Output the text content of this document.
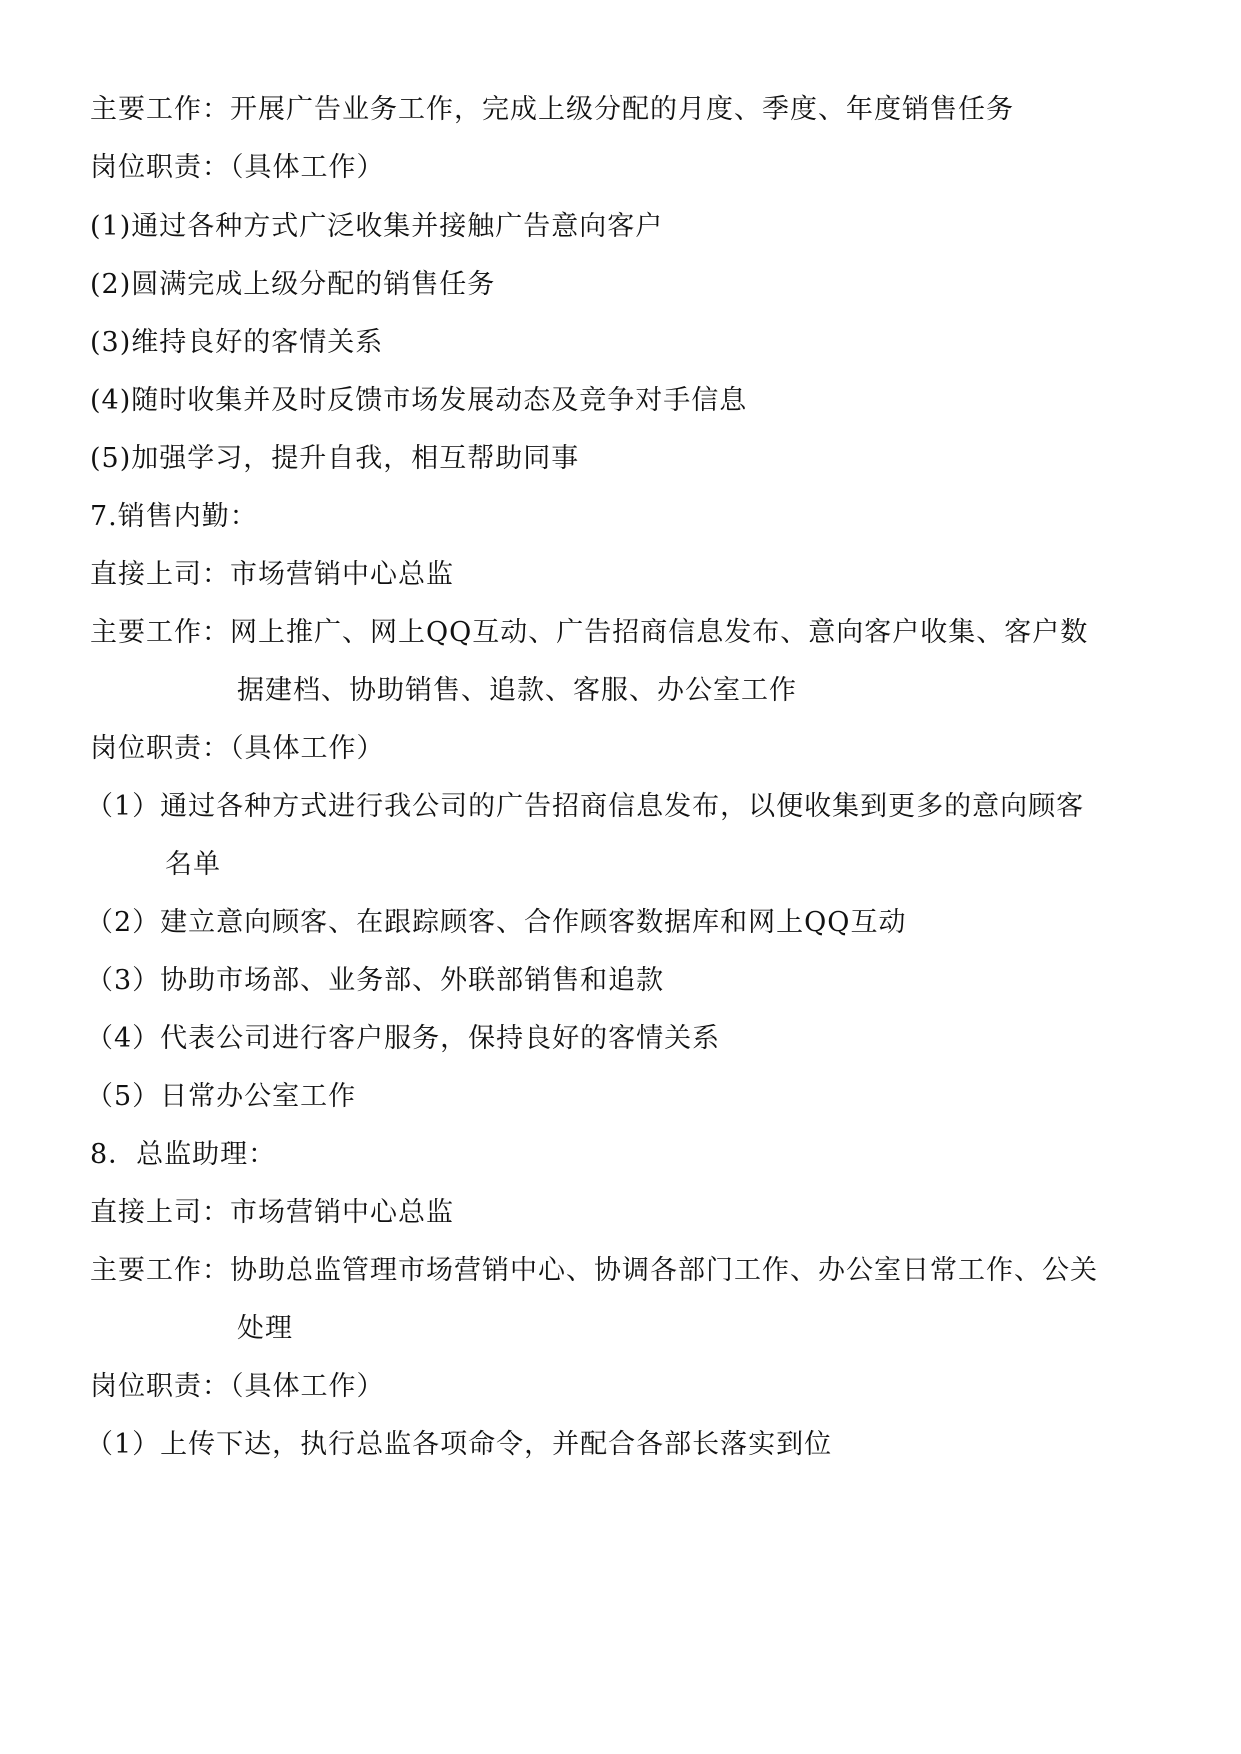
主要工作：开展广告业务工作，完成上级分配的月度、季度、年度销售任务
岗位职责：（具体工作）
(1)通过各种方式广泛收集并接触广告意向客户
(2)圆满完成上级分配的销售任务
(3)维持良好的客情关系
(4)随时收集并及时反馈市场发展动态及竞争对手信息
(5)加强学习，提升自我，相互帮助同事
7.销售内勤：
直接上司：市场营销中心总监
主要工作：网上推广、网上QQ互动、广告招商信息发布、意向客户收集、客户数
据建档、协助销售、追款、客服、办公室工作
岗位职责：（具体工作）
（1）通过各种方式进行我公司的广告招商信息发布，以便收集到更多的意向顾客
名单
（2）建立意向顾客、在跟踪顾客、合作顾客数据库和网上QQ互动
（3）协助市场部、业务部、外联部销售和追款
（4）代表公司进行客户服务，保持良好的客情关系
（5）日常办公室工作
8．总监助理：
直接上司：市场营销中心总监
主要工作：协助总监管理市场营销中心、协调各部门工作、办公室日常工作、公关
处理
岗位职责：（具体工作）
（1）上传下达，执行总监各项命令，并配合各部长落实到位
